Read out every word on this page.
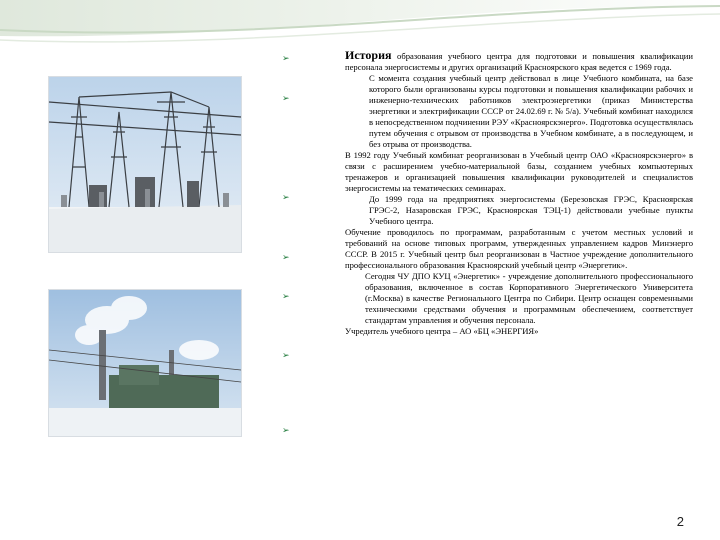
➢
➢
➢
➢
➢
➢
➢

История образования учебного центра для подготовки и повышения квалификации персонала энергосистемы и других организаций Красноярского края ведется с 1969 года.

С момента создания учебный центр действовал в лице Учебного комбината, на базе которого были организованы курсы подготовки и повышения квалификации рабочих и инженерно-технических работников электроэнергетики (приказ Министерства энергетики и электрификации СССР от 24.02.69 г. № 5/а). Учебный комбинат находился в непосредственном подчинении РЭУ «Красноярскэнерго». Подготовка осуществлялась путем обучения с отрывом от производства в Учебном комбинате, а в последующем, и без отрыва от производства.

В 1992 году Учебный комбинат реорганизован в Учебный центр ОАО «Красноярскэнерго» в связи с расширением учебно-материальной базы, созданием учебных компьютерных тренажеров и организацией повышения квалификации руководителей и специалистов энергосистемы на тематических семинарах.

До 1999 года на предприятиях энергосистемы (Березовская ГРЭС, Красноярская ГРЭС-2, Назаровская ГРЭС, Красноярская ТЭЦ-1) действовали учебные пункты Учебного центра.

Обучение проводилось по программам, разработанным с учетом местных условий и требований на основе типовых программ, утвержденных управлением кадров Минэнерго СССР. В 2015 г. Учебный центр был реорганизован в Частное учреждение дополнительного профессионального образования Красноярский учебный центр «Энергетик».

Сегодня ЧУ ДПО КУЦ «Энергетик» - учреждение дополнительного профессионального образования, включенное в состав Корпоративного Энергетического Университета (г.Москва) в качестве Регионального Центра по Сибири. Центр оснащен современными техническими средствами обучения и программным обеспечением, соответствует стандартам управления и обучения персонала.

Учредитель учебного центра – АО «БЦ «ЭНЕРГИЯ»

2
